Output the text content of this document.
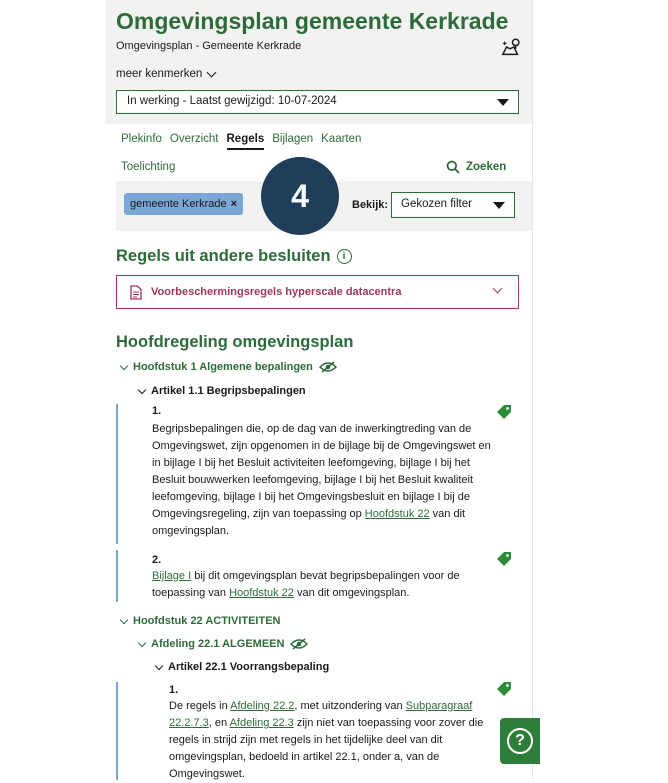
Omgevingsplan gemeente Kerkrade
Omgevingsplan - Gemeente Kerkrade
meer kenmerken
In werking - Laatst gewijzigd: 10-07-2024
Plekinfo Overzicht Regels Bijlagen Kaarten
Toelichting	Zoeken
gemeente Kerkrade ×	4	Bekijk:	Gekozen filter
Regels uit andere besluiten	i
Voorbeschermingsregels hyperscale datacentra
Hoofdregeling omgevingsplan
Hoofdstuk 1 Algemene bepalingen
Artikel 1.1 Begripsbepalingen
1.
Begripsbepalingen die, op de dag van de inwerkingtreding van de Omgevingswet, zijn opgenomen in de bijlage bij de Omgevingswet en in bijlage I bij het Besluit activiteiten leefomgeving, bijlage I bij het Besluit bouwwerken leefomgeving, bijlage I bij het Besluit kwaliteit leefomgeving, bijlage I bij het Omgevingsbesluit en bijlage I bij de Omgevingsregeling, zijn van toepassing op Hoofdstuk 22 van dit omgevingsplan.
2.
Bijlage I bij dit omgevingsplan bevat begripsbepalingen voor de toepassing van Hoofdstuk 22 van dit omgevingsplan.
Hoofdstuk 22 ACTIVITEITEN
Afdeling 22.1 ALGEMEEN
Artikel 22.1 Voorrangsbepaling
1.
De regels in Afdeling 22.2, met uitzondering van Subparagraaf 22.2.7.3, en Afdeling 22.3 zijn niet van toepassing voor zover die regels in strijd zijn met regels in het tijdelijke deel van dit omgevingsplan, bedoeld in artikel 22.1, onder a, van de Omgevingswet.
?
